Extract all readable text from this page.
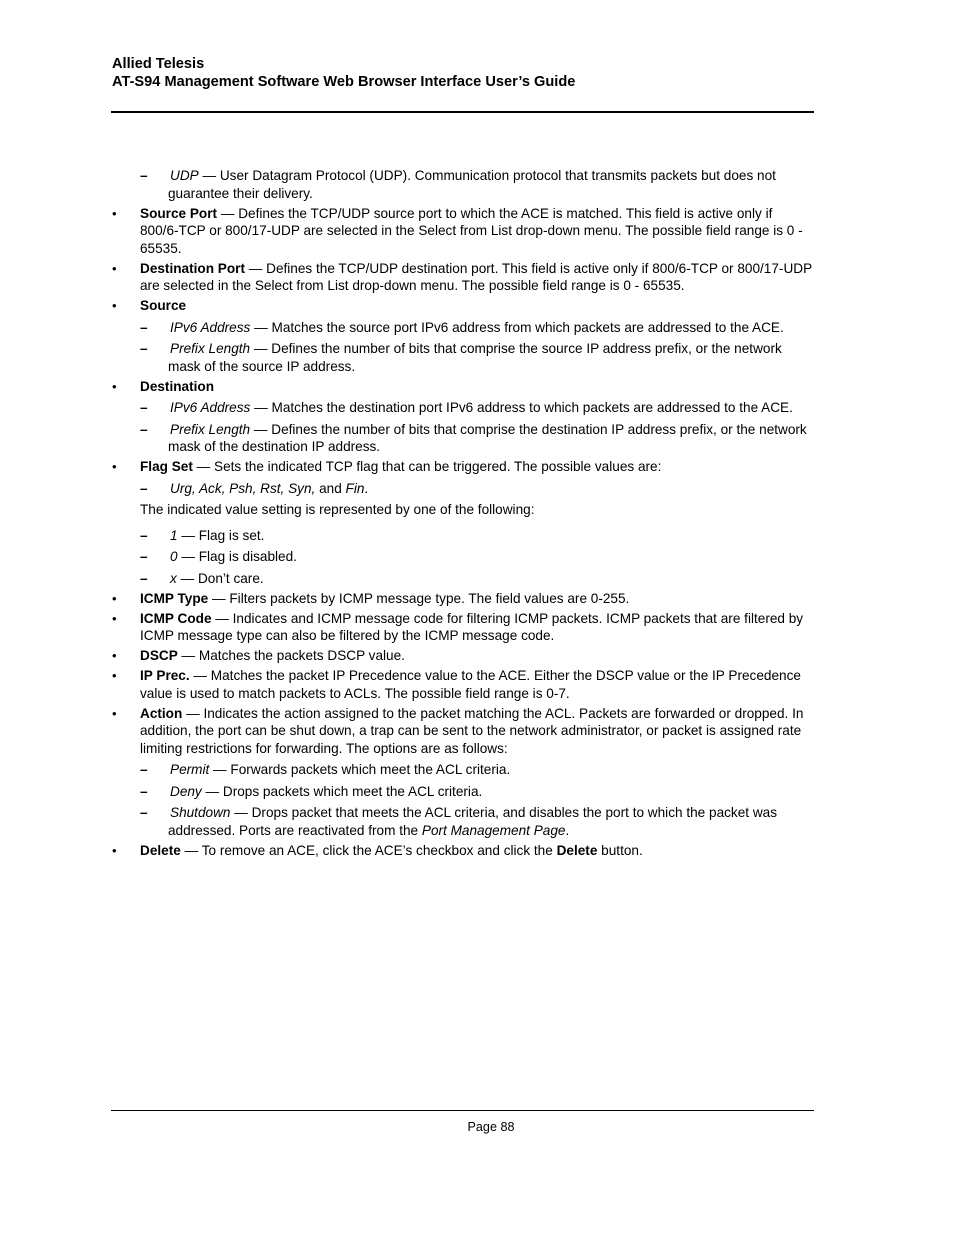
Allied Telesis
AT-S94 Management Software Web Browser Interface User’s Guide
– UDP — User Datagram Protocol (UDP). Communication protocol that transmits packets but does not guarantee their delivery.
• Source Port — Defines the TCP/UDP source port to which the ACE is matched. This field is active only if 800/6-TCP or 800/17-UDP are selected in the Select from List drop-down menu. The possible field range is 0 - 65535.
• Destination Port — Defines the TCP/UDP destination port. This field is active only if 800/6-TCP or 800/17-UDP are selected in the Select from List drop-down menu. The possible field range is 0 - 65535.
• Source
– IPv6 Address — Matches the source port IPv6 address from which packets are addressed to the ACE.
– Prefix Length — Defines the number of bits that comprise the source IP address prefix, or the network mask of the source IP address.
• Destination
– IPv6 Address — Matches the destination port IPv6 address to which packets are addressed to the ACE.
– Prefix Length — Defines the number of bits that comprise the destination IP address prefix, or the network mask of the destination IP address.
• Flag Set — Sets the indicated TCP flag that can be triggered. The possible values are:
– Urg, Ack, Psh, Rst, Syn, and Fin.
The indicated value setting is represented by one of the following:
– 1 — Flag is set.
– 0 — Flag is disabled.
– x — Don’t care.
• ICMP Type — Filters packets by ICMP message type. The field values are 0-255.
• ICMP Code — Indicates and ICMP message code for filtering ICMP packets. ICMP packets that are filtered by ICMP message type can also be filtered by the ICMP message code.
• DSCP — Matches the packets DSCP value.
• IP Prec. — Matches the packet IP Precedence value to the ACE. Either the DSCP value or the IP Precedence value is used to match packets to ACLs. The possible field range is 0-7.
• Action — Indicates the action assigned to the packet matching the ACL. Packets are forwarded or dropped. In addition, the port can be shut down, a trap can be sent to the network administrator, or packet is assigned rate limiting restrictions for forwarding. The options are as follows:
– Permit — Forwards packets which meet the ACL criteria.
– Deny — Drops packets which meet the ACL criteria.
– Shutdown — Drops packet that meets the ACL criteria, and disables the port to which the packet was addressed. Ports are reactivated from the Port Management Page.
• Delete — To remove an ACE, click the ACE’s checkbox and click the Delete button.
Page 88
